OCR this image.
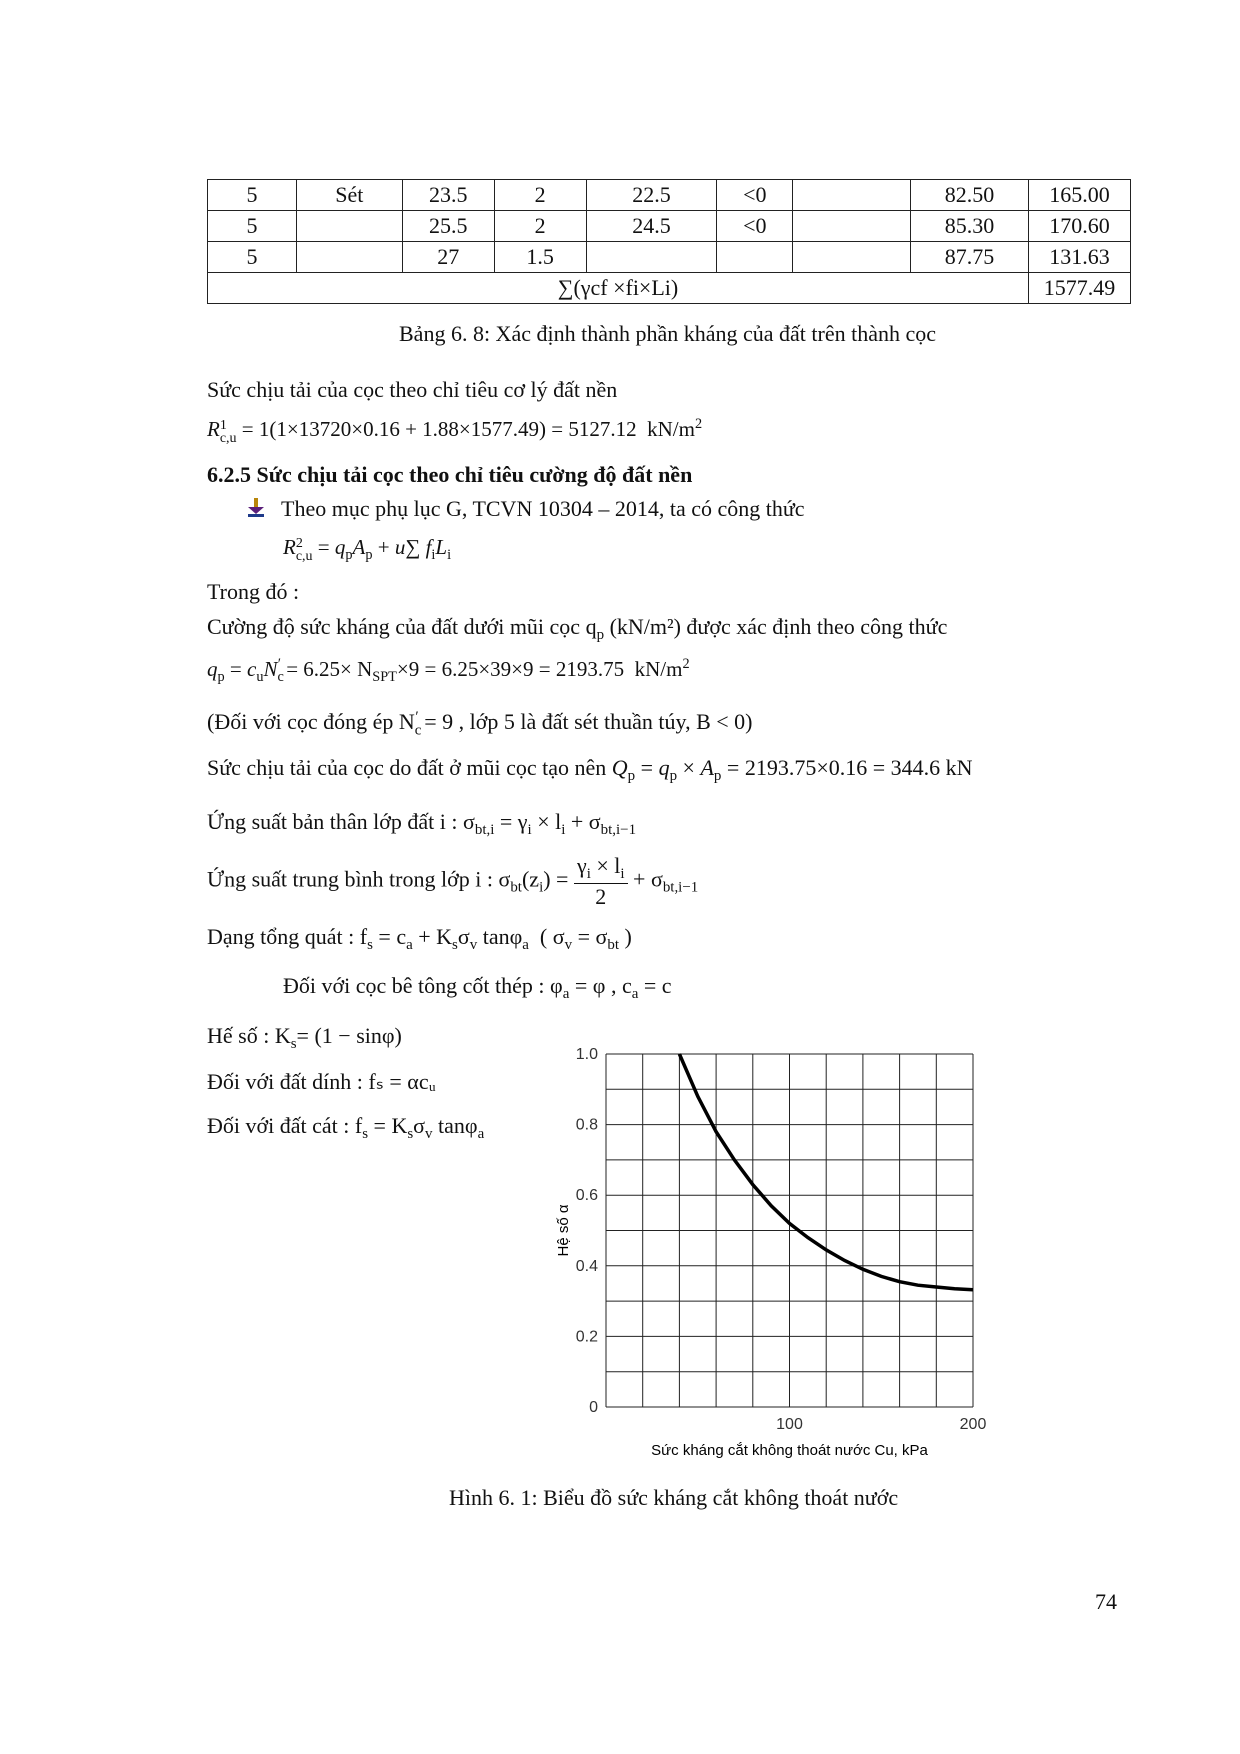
5	Sét	23.5	2	22.5	<0		82.50	165.00
5		25.5	2	24.5	<0		85.30	170.60
5		27	1.5				87.75	131.63
∑(γcf ×fi×Li)								1577.49
Bảng 6. 8: Xác định thành phần kháng của đất trên thành cọc
Sức chịu tải của cọc theo chỉ tiêu cơ lý đất nền
R 1
c,u = 1(1×13720×0.16 + 1.88×1577.49) = 5127.12 $kN/m^2$
6.2.5 Sức chịu tải cọc theo chỉ tiêu cường độ đất nền
Theo mục phụ lục G, TCVN 10304 – 2014, ta có công thức
R 2
$c,u = q_pA_p + u\sum$ $f_iL_i$
Trong đó :
Cường độ sức kháng của đất dưới mũi cọc $q_p$ (kN/m²) được xác định theo công thức
$q_p = c_uN_c' = 6.25\times N_{SPT}\times 9 = 6.25\times 39\times 9 = 2193.75$ $kN/m^2$
(Đối với cọc đóng ép $N_c' = 9$ , lớp 5 là đất sét thuần túy, B < 0)
Sức chịu tải của cọc do đất ở mũi cọc tạo nên $Q_p = q_p \times A_p = 2193.75\times 0.16 = 344.6$ kN
Ứng suất bản thân lớp đất i : $\sigma_{bt,i} = \gamma_i \times l_i + \sigma_{bt,i-1}$
Ứng suất trung bình trong lớp i : $\sigma_{bt}(z_i) = \frac{\gamma_i \times l_i}{2} + \sigma_{bt,i-1}$
Dạng tổng quát : $f_s = c_a + K_s\sigma_v$ tanφ$_a$  ( $\sigma_v = \sigma_{bt}$ )
Đối với cọc bê tông cốt thép : $\varphi_a = \varphi$ , $c_a = c$
Hế số : $K_s= (1 - \sin\varphi)$
Đối với đất dính : fₛ = αcᵤ
Đối với đất cát : $f_s = K_s\sigma_v$ tanφ$_a$
0
0.2
0.4
0.6
0.8
1.0
100	200
Hệ số α
Sức kháng cắt không thoát nước Cu, kPa
Hình 6. 1: Biểu đồ sức kháng cắt không thoát nước
74
